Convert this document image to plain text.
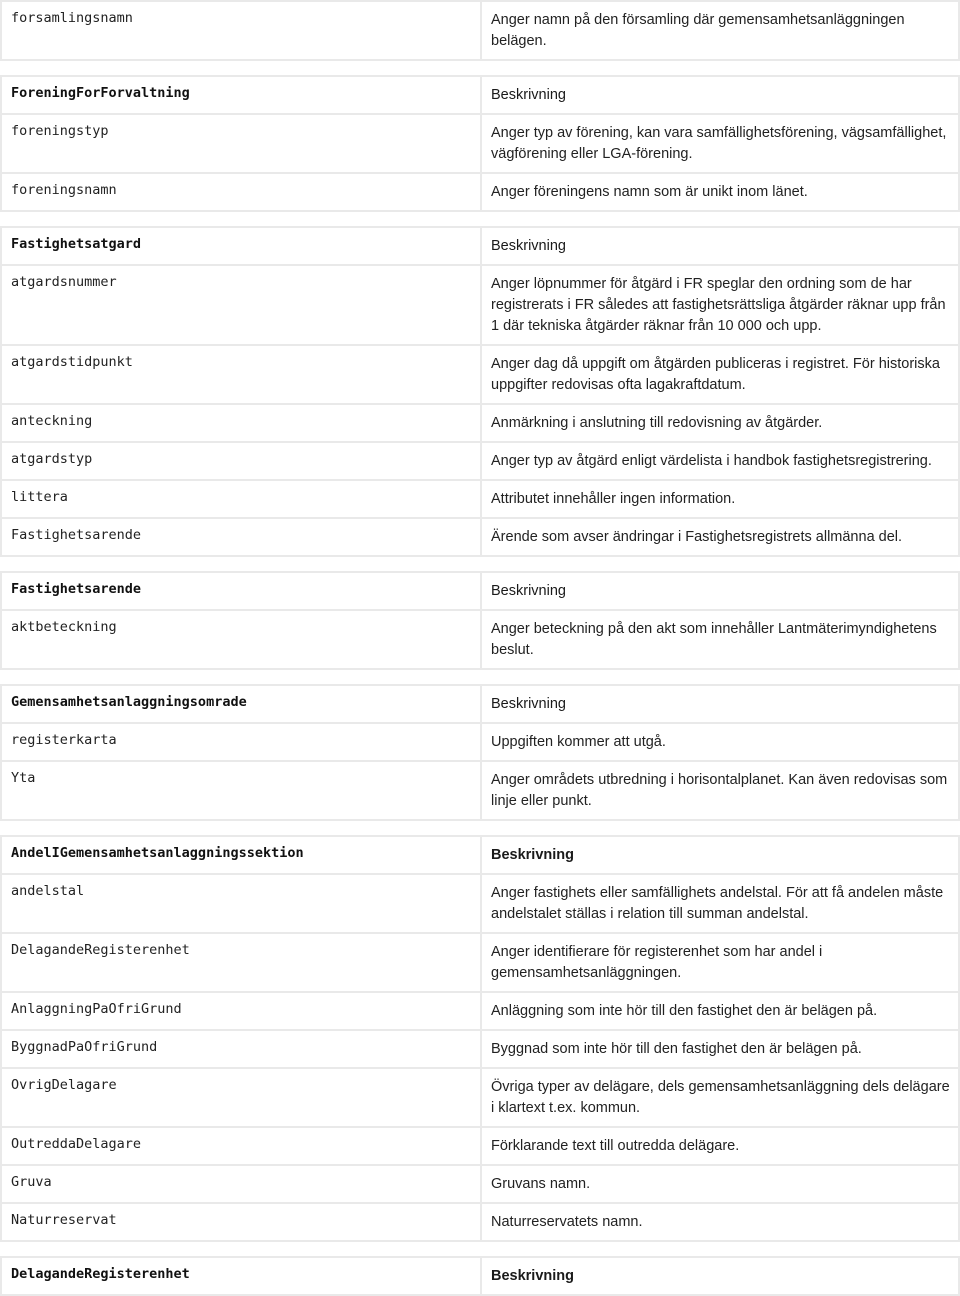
forsamlingsnamn	Anger namn på den församling där gemensamhetsanläggningen belägen.
ForeningForForvaltning	Beskrivning
foreningstyp	Anger typ av förening, kan vara samfällighetsförening, vägsamfällighet, vägförening eller LGA-förening.
foreningsnamn	Anger föreningens namn som är unikt inom länet.
Fastighetsatgard	Beskrivning
atgardsnummer	Anger löpnummer för åtgärd i FR speglar den ordning som de har registrerats i FR således att fastighetsrättsliga åtgärder räknar upp från 1 där tekniska åtgärder räknar från 10 000 och upp.
atgardstidpunkt	Anger dag då uppgift om åtgärden publiceras i registret. För historiska uppgifter redovisas ofta lagakraftdatum.
anteckning	Anmärkning i anslutning till redovisning av åtgärder.
atgardstyp	Anger typ av åtgärd enligt värdelista i handbok fastighetsregistrering.
littera	Attributet innehåller ingen information.
Fastighetsarende	Ärende som avser ändringar i Fastighetsregistrets allmänna del.
Fastighetsarende	Beskrivning
aktbeteckning	Anger beteckning på den akt som innehåller Lantmäterimyndighetens beslut.
Gemensamhetsanlaggningsomrade	Beskrivning
registerkarta	Uppgiften kommer att utgå.
Yta	Anger områdets utbredning i horisontalplanet. Kan även redovisas som linje eller punkt.
AndelIGemensamhetsanlaggningssektion	Beskrivning
andelstal	Anger fastighets eller samfällighets andelstal. För att få andelen måste andelstalet ställas i relation till summan andelstal.
DelagandeRegisterenhet	Anger identifierare för registerenhet som har andel i gemensamhetsanläggningen.
AnlaggningPaOfriGrund	Anläggning som inte hör till den fastighet den är belägen på.
ByggnadPaOfriGrund	Byggnad som inte hör till den fastighet den är belägen på.
OvrigDelagare	Övriga typer av delägare, dels gemensamhetsanläggning dels delägare i klartext t.ex. kommun.
OutreddaDelagare	Förklarande text till outredda delägare.
Gruva	Gruvans namn.
Naturreservat	Naturreservatets namn.
DelagandeRegisterenhet	Beskrivning
